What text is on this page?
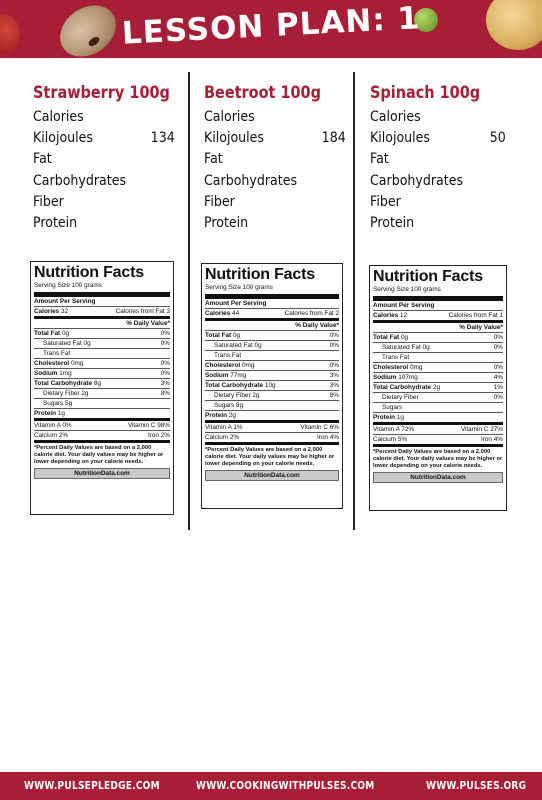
LESSON PLAN: 1
Strawberry 100g
Calories
Kilojoules	134
Fat
Carbohydrates
Fiber
Protein
Beetroot 100g
Calories
Kilojoules	184
Fat
Carbohydrates
Fiber
Protein
Spinach 100g
Calories
Kilojoules	50
Fat
Carbohydrates
Fiber
Protein
Nutrition Facts
Serving Size 100 grams
Amount Per Serving
Calories 32	Calories from Fat 3
% Daily Value*
Total Fat 0g	0%
Saturated Fat 0g	0%
Trans Fat
Cholesterol 0mg	0%
Sodium 1mg	0%
Total Carbohydrate 8g	3%
Dietary Fiber 2g	8%
Sugars 5g
Protein 1g
Vitamin A 0%	Vitamin C 98%
Calcium 2%	Iron 2%
*Percent Daily Values are based on a 2,000 calorie diet. Your daily values may be higher or lower depending on your calorie needs.
NutritionData.com
Nutrition Facts
Serving Size 100 grams
Amount Per Serving
Calories 44	Calories from Fat 2
% Daily Value*
Total Fat 0g	0%
Saturated Fat 0g	0%
Trans Fat
Cholesterol 0mg	0%
Sodium 77mg	3%
Total Carbohydrate 10g	3%
Dietary Fiber 2g	8%
Sugars 8g
Protein 2g
Vitamin A 1%	Vitamin C 6%
Calcium 2%	Iron 4%
*Percent Daily Values are based on a 2,000 calorie diet. Your daily values may be higher or lower depending on your calorie needs.
NutritionData.com
Nutrition Facts
Serving Size 100 grams
Amount Per Serving
Calories 12	Calories from Fat 1
% Daily Value*
Total Fat 0g	0%
Saturated Fat 0g	0%
Trans Fat
Cholesterol 0mg	0%
Sodium 107mg	4%
Total Carbohydrate 2g	1%
Dietary Fiber	0%
Sugars
Protein 1g
Vitamin A 72%	Vitamin C 27%
Calcium 5%	Iron 4%
*Percent Daily Values are based on a 2,000 calorie diet. Your daily values may be higher or lower depending on your calorie needs.
NutritionData.com
WWW.PULSEPLEDGE.COM	WWW.COOKINGWITHPULSES.COM	WWW.PULSES.ORG
